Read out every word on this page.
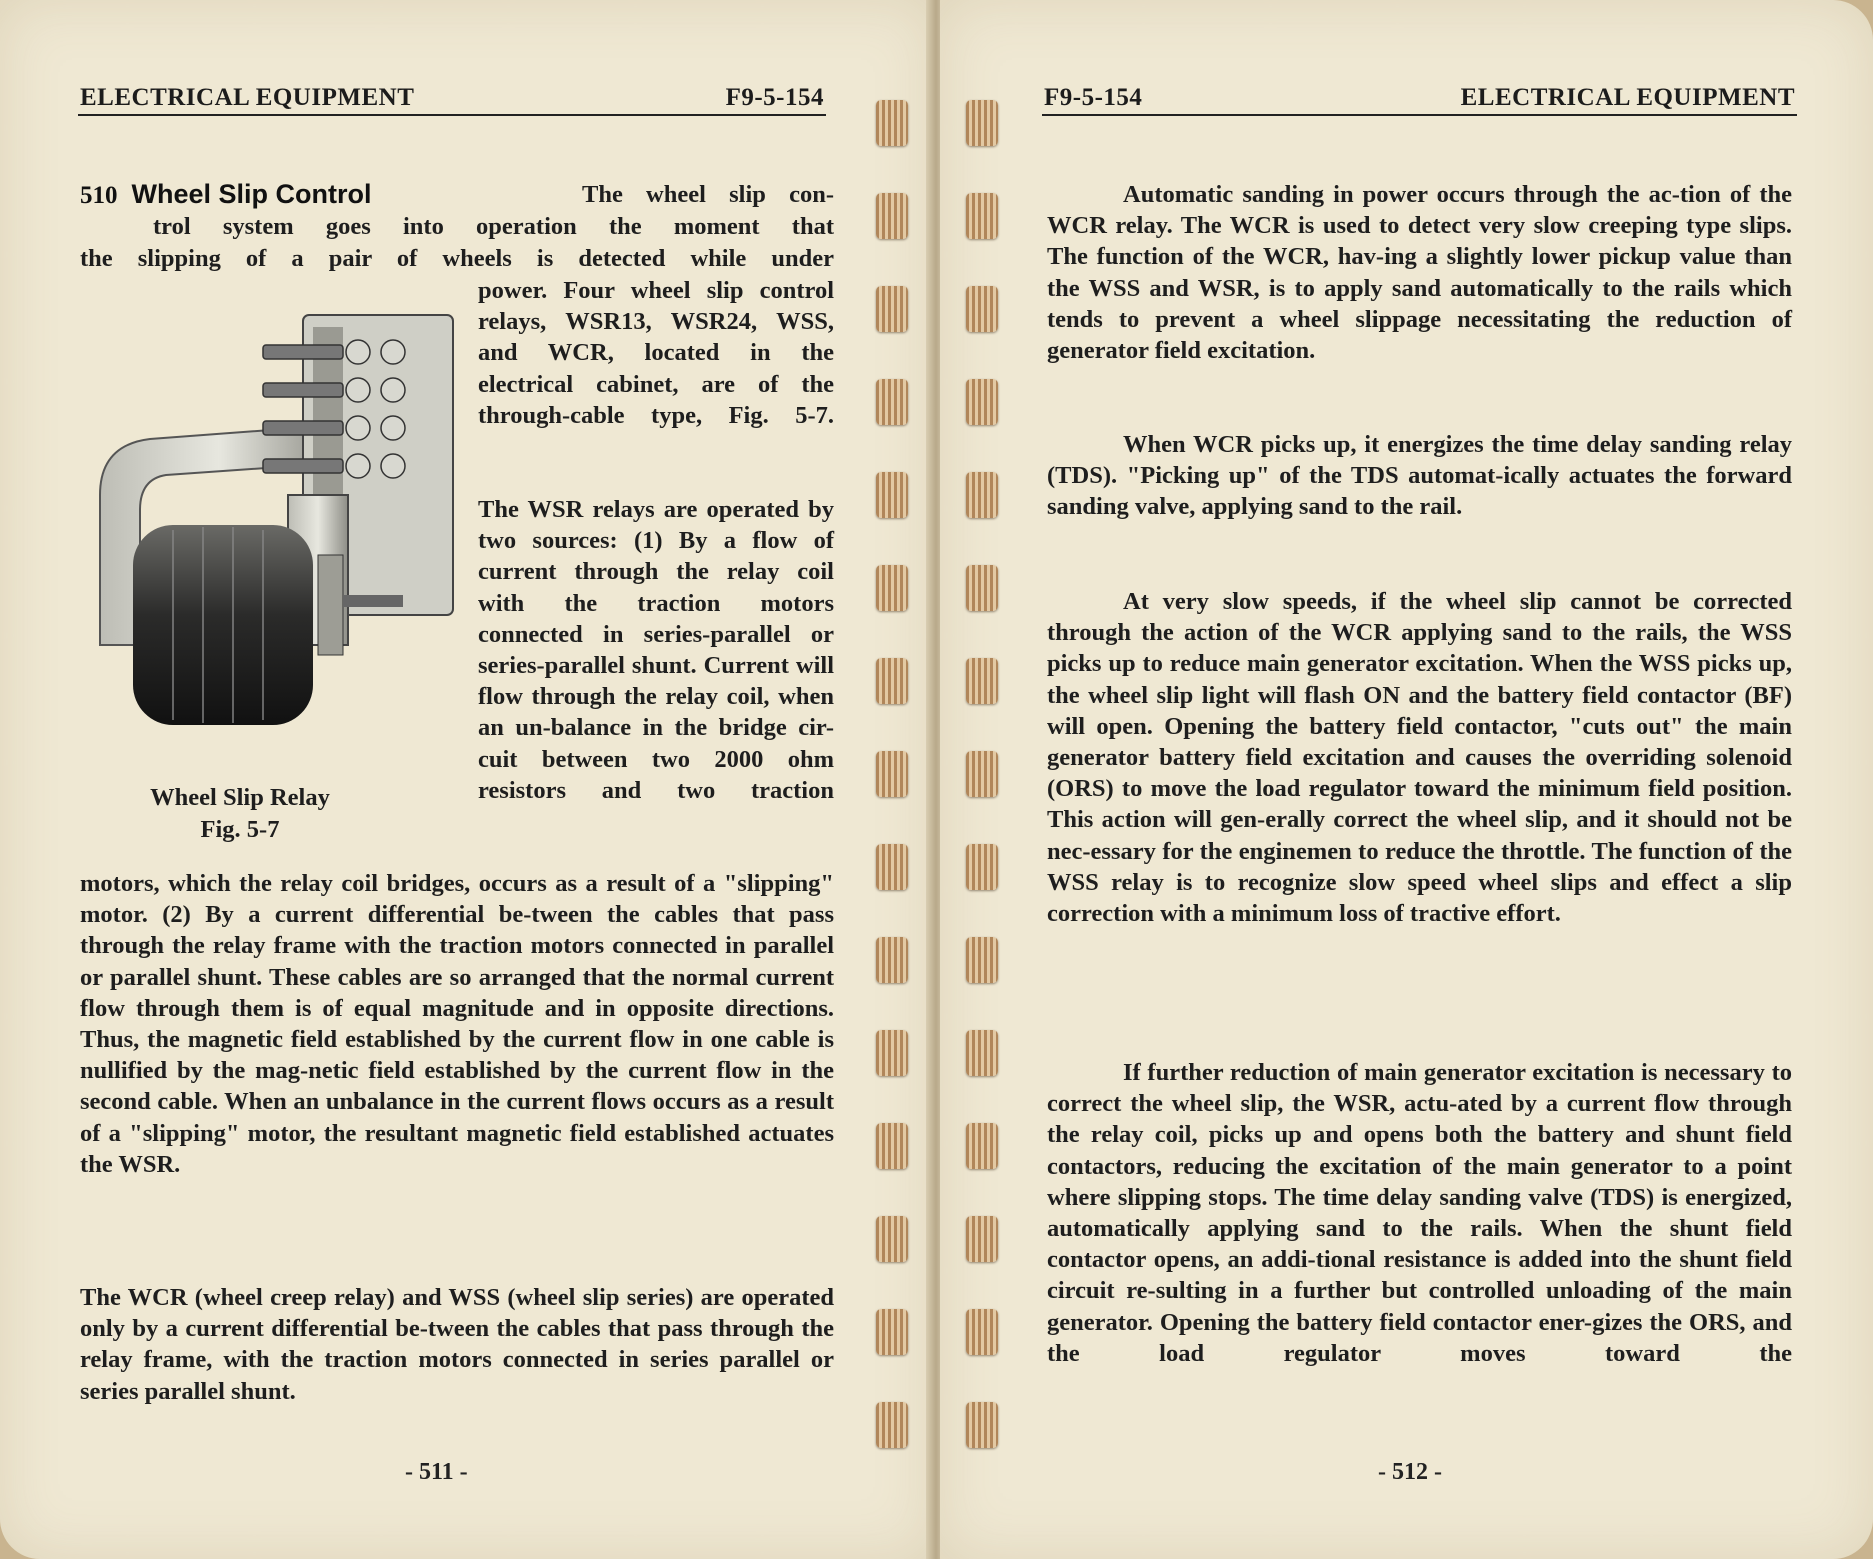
ELECTRICAL EQUIPMENT	F9-5-154

510 Wheel Slip Control	The wheel slip con-

trol system goes into operation the moment that

the slipping of a pair of wheels is detected while under

power. Four wheel slip control relays, WSR13, WSR24, WSS, and WCR, located in the electrical cabinet, are of the through-cable type, Fig. 5-7.

The WSR relays are operated by two sources: (1) By a flow of current through the relay coil with the traction motors connected in series-parallel or series-parallel shunt. Current will flow through the relay coil, when an un-balance in the bridge cir-cuit between two 2000 ohm resistors and two traction

Wheel Slip Relay

Fig. 5-7

motors, which the relay coil bridges, occurs as a result of a "slipping" motor. (2) By a current differential be-tween the cables that pass through the relay frame with the traction motors connected in parallel or parallel shunt. These cables are so arranged that the normal current flow through them is of equal magnitude and in opposite directions. Thus, the magnetic field established by the current flow in one cable is nullified by the mag-netic field established by the current flow in the second cable. When an unbalance in the current flows occurs as a result of a "slipping" motor, the resultant magnetic field established actuates the WSR.

The WCR (wheel creep relay) and WSS (wheel slip series) are operated only by a current differential be-tween the cables that pass through the relay frame, with the traction motors connected in series parallel or series parallel shunt.

- 511 -

F9-5-154	ELECTRICAL EQUIPMENT

Automatic sanding in power occurs through the ac-tion of the WCR relay. The WCR is used to detect very slow creeping type slips. The function of the WCR, hav-ing a slightly lower pickup value than the WSS and WSR, is to apply sand automatically to the rails which tends to prevent a wheel slippage necessitating the reduction of generator field excitation.

When WCR picks up, it energizes the time delay sanding relay (TDS). "Picking up" of the TDS automat-ically actuates the forward sanding valve, applying sand to the rail.

At very slow speeds, if the wheel slip cannot be corrected through the action of the WCR applying sand to the rails, the WSS picks up to reduce main generator excitation. When the WSS picks up, the wheel slip light will flash ON and the battery field contactor (BF) will open. Opening the battery field contactor, "cuts out" the main generator battery field excitation and causes the overriding solenoid (ORS) to move the load regulator toward the minimum field position. This action will gen-erally correct the wheel slip, and it should not be nec-essary for the enginemen to reduce the throttle. The function of the WSS relay is to recognize slow speed wheel slips and effect a slip correction with a minimum loss of tractive effort.

If further reduction of main generator excitation is necessary to correct the wheel slip, the WSR, actu-ated by a current flow through the relay coil, picks up and opens both the battery and shunt field contactors, reducing the excitation of the main generator to a point where slipping stops. The time delay sanding valve (TDS) is energized, automatically applying sand to the rails. When the shunt field contactor opens, an addi-tional resistance is added into the shunt field circuit re-sulting in a further but controlled unloading of the main generator. Opening the battery field contactor ener-gizes the ORS, and the load regulator moves toward the

- 512 -
